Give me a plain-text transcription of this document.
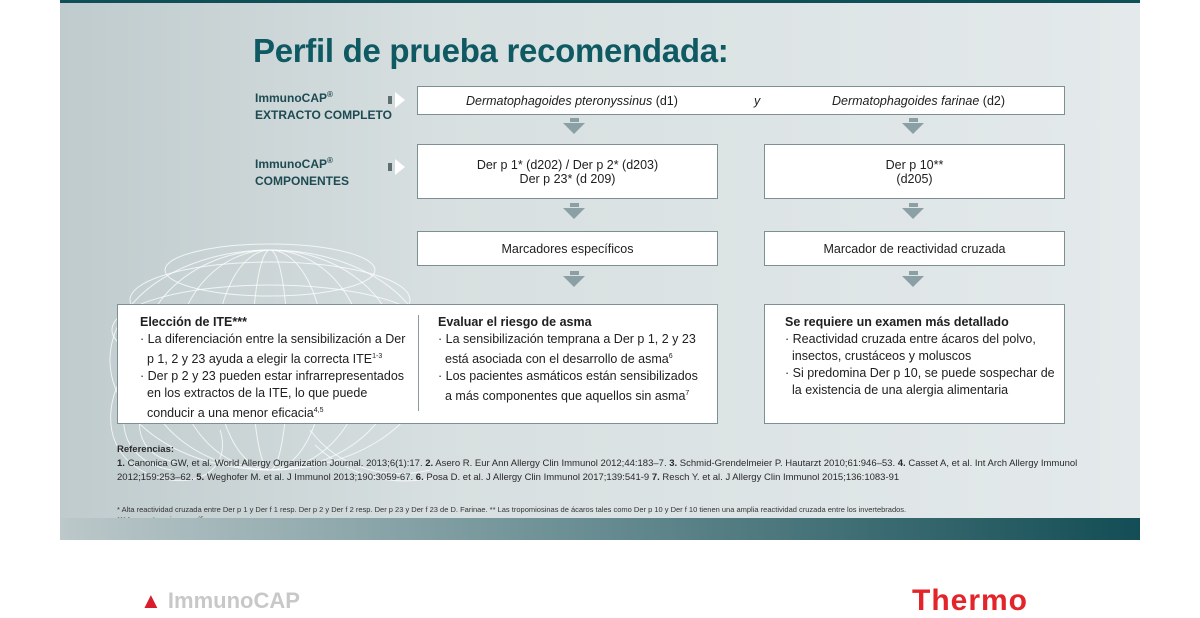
Perfil de prueba recomendada:
ImmunoCAP®
EXTRACTO COMPLETO
ImmunoCAP®
COMPONENTES
Dermatophagoides pteronyssinus (d1)	y	Dermatophagoides farinae (d2)
Der p 1* (d202) / Der p 2* (d203)
Der p 23* (d 209)
Der p 10**
(d205)
Marcadores específicos	Marcador de reactividad cruzada
Elección de ITE***
· La diferenciación entre la sensibilización a Der p 1, 2 y 23 ayuda a elegir la correcta $ITE^{1-3}$
· Der p 2 y 23 pueden estar infrarrepresentados en los extractos de la ITE, lo que puede conducir a una menor eficacia$^{4,5}$
Evaluar el riesgo de asma
· La sensibilización temprana a Der p 1, 2 y 23 está asociada con el desarrollo de asma$^6$
· Los pacientes asmáticos están sensibilizados a más componentes que aquellos sin asma$^7$
Se requiere un examen más detallado
· Reactividad cruzada entre ácaros del polvo, insectos, crustáceos y moluscos
· Si predomina Der p 10, se puede sospechar de la existencia de una alergia alimentaria
Referencias:
1. Canonica GW, et al. World Allergy Organization Journal. 2013;6(1):17. 2. Asero R. Eur Ann Allergy Clin Immunol 2012;44:183–7. 3. Schmid-Grendelmeier P. Hautarzt 2010;61:946–53. 4. Casset A, et al. Int Arch Allergy Immunol 2012;159:253–62. 5. Weghofer M. et al. J Immunol 2013;190:3059-67. 6. Posa D. et al. J Allergy Clin Immunol 2017;139:541-9 7. Resch Y. et al. J Allergy Clin Immunol 2015;136:1083-91
* Alta reactividad cruzada entre Der p 1 y Der f 1 resp. Der p 2 y Der f 2 resp. Der p 23 y Der f 23 de D. Farinae. ** Las tropomiosinas de ácaros tales como Der p 10 y Der f 10 tienen una amplia reactividad cruzada entre los invertebrados.
▲ ImmunoCAP	Thermo
